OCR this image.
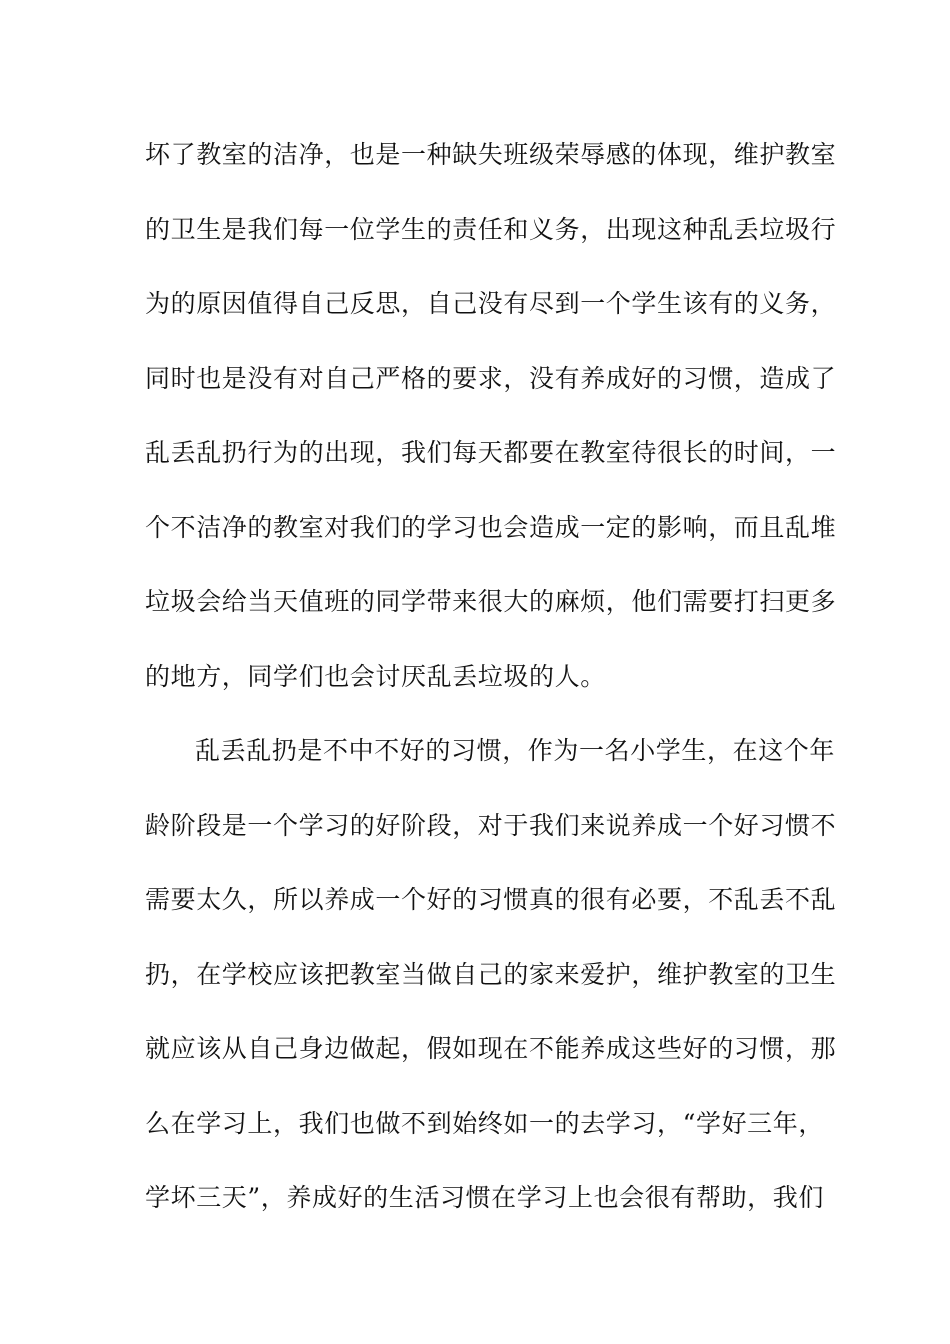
坏了教室的洁净，也是一种缺失班级荣辱感的体现，维护教室
的卫生是我们每一位学生的责任和义务，出现这种乱丢垃圾行
为的原因值得自己反思，自己没有尽到一个学生该有的义务，
同时也是没有对自己严格的要求，没有养成好的习惯，造成了
乱丢乱扔行为的出现，我们每天都要在教室待很长的时间，一
个不洁净的教室对我们的学习也会造成一定的影响，而且乱堆
垃圾会给当天值班的同学带来很大的麻烦，他们需要打扫更多
的地方，同学们也会讨厌乱丢垃圾的人。
乱丢乱扔是不中不好的习惯，作为一名小学生，在这个年
龄阶段是一个学习的好阶段，对于我们来说养成一个好习惯不
需要太久，所以养成一个好的习惯真的很有必要，不乱丢不乱
扔，在学校应该把教室当做自己的家来爱护，维护教室的卫生
就应该从自己身边做起，假如现在不能养成这些好的习惯，那
么在学习上，我们也做不到始终如一的去学习，“学好三年，
学坏三天”，养成好的生活习惯在学习上也会很有帮助，我们
